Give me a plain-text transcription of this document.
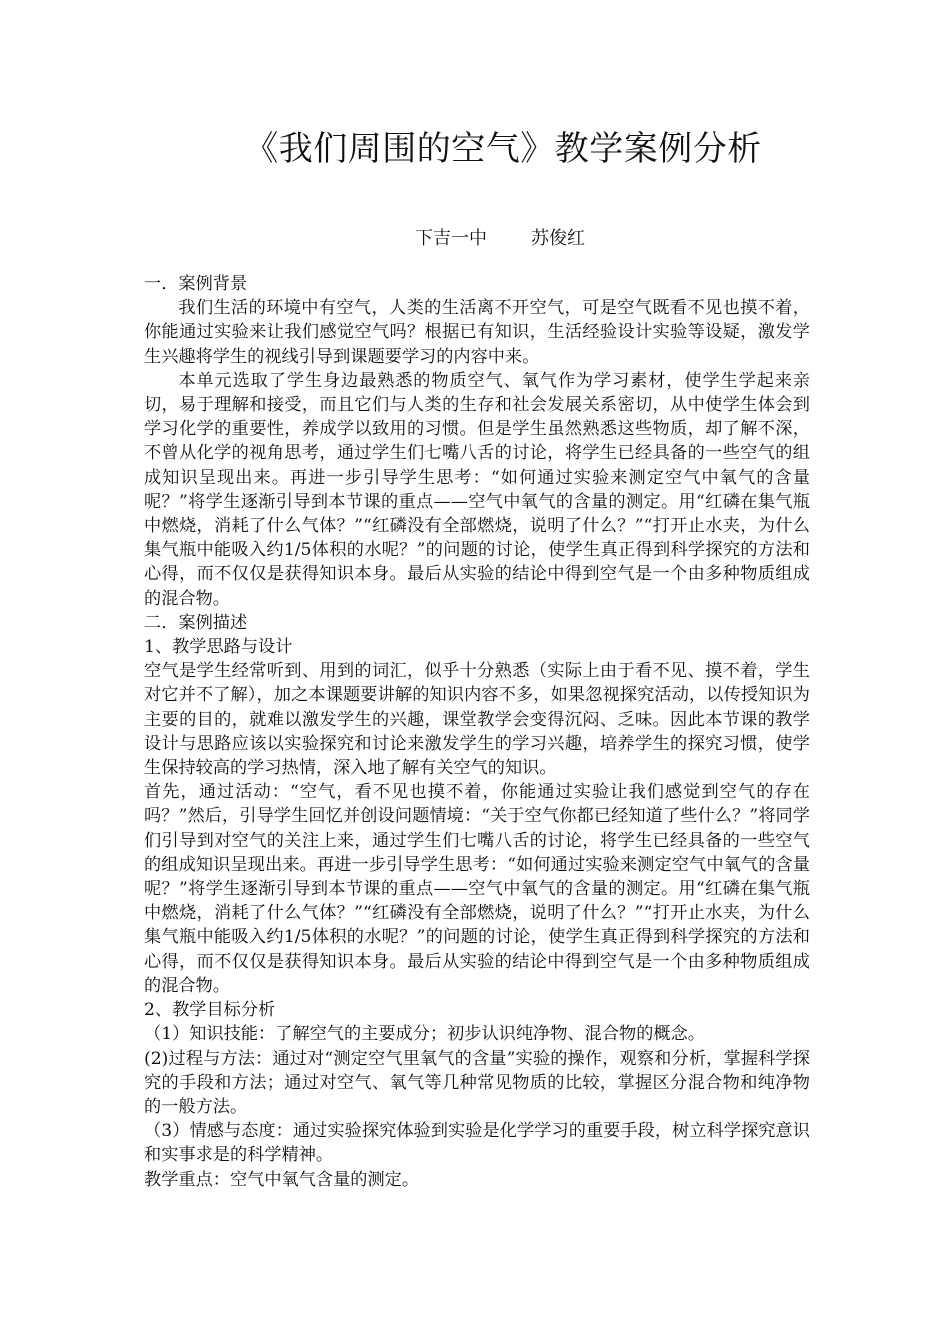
《我们周围的空气》教学案例分析
下吉一中 苏俊红

一．案例背景

我们生活的环境中有空气，人类的生活离不开空气，可是空气既看不见也摸不着，你能通过实验来让我们感觉空气吗？根据已有知识，生活经验设计实验等设疑，激发学生兴趣将学生的视线引导到课题要学习的内容中来。

本单元选取了学生身边最熟悉的物质空气、氧气作为学习素材，使学生学起来亲切，易于理解和接受，而且它们与人类的生存和社会发展关系密切，从中使学生体会到学习化学的重要性，养成学以致用的习惯。但是学生虽然熟悉这些物质，却了解不深，不曾从化学的视角思考，通过学生们七嘴八舌的讨论，将学生已经具备的一些空气的组成知识呈现出来。再进一步引导学生思考：“如何通过实验来测定空气中氧气的含量呢？”将学生逐渐引导到本节课的重点——空气中氧气的含量的测定。用“红磷在集气瓶中燃烧，消耗了什么气体？”“红磷没有全部燃烧，说明了什么？”“打开止水夹，为什么集气瓶中能吸入约1/5体积的水呢？”的问题的讨论，使学生真正得到科学探究的方法和心得，而不仅仅是获得知识本身。最后从实验的结论中得到空气是一个由多种物质组成的混合物。

二．案例描述

1、教学思路与设计

空气是学生经常听到、用到的词汇，似乎十分熟悉（实际上由于看不见、摸不着，学生对它并不了解），加之本课题要讲解的知识内容不多，如果忽视探究活动，以传授知识为主要的目的，就难以激发学生的兴趣，课堂教学会变得沉闷、乏味。因此本节课的教学设计与思路应该以实验探究和讨论来激发学生的学习兴趣，培养学生的探究习惯，使学生保持较高的学习热情，深入地了解有关空气的知识。

首先，通过活动：“空气，看不见也摸不着，你能通过实验让我们感觉到空气的存在吗？”然后，引导学生回忆并创设问题情境：“关于空气你都已经知道了些什么？”将同学们引导到对空气的关注上来，通过学生们七嘴八舌的讨论，将学生已经具备的一些空气的组成知识呈现出来。再进一步引导学生思考：“如何通过实验来测定空气中氧气的含量呢？”将学生逐渐引导到本节课的重点——空气中氧气的含量的测定。用“红磷在集气瓶中燃烧，消耗了什么气体？”“红磷没有全部燃烧，说明了什么？”“打开止水夹，为什么集气瓶中能吸入约1/5体积的水呢？”的问题的讨论，使学生真正得到科学探究的方法和心得，而不仅仅是获得知识本身。最后从实验的结论中得到空气是一个由多种物质组成的混合物。

2、教学目标分析

（1）知识技能：了解空气的主要成分；初步认识纯净物、混合物的概念。

(2)过程与方法：通过对“测定空气里氧气的含量”实验的操作，观察和分析，掌握科学探究的手段和方法；通过对空气、氧气等几种常见物质的比较，掌握区分混合物和纯净物的一般方法。

（3）情感与态度：通过实验探究体验到实验是化学学习的重要手段，树立科学探究意识和实事求是的科学精神。

教学重点：空气中氧气含量的测定。
